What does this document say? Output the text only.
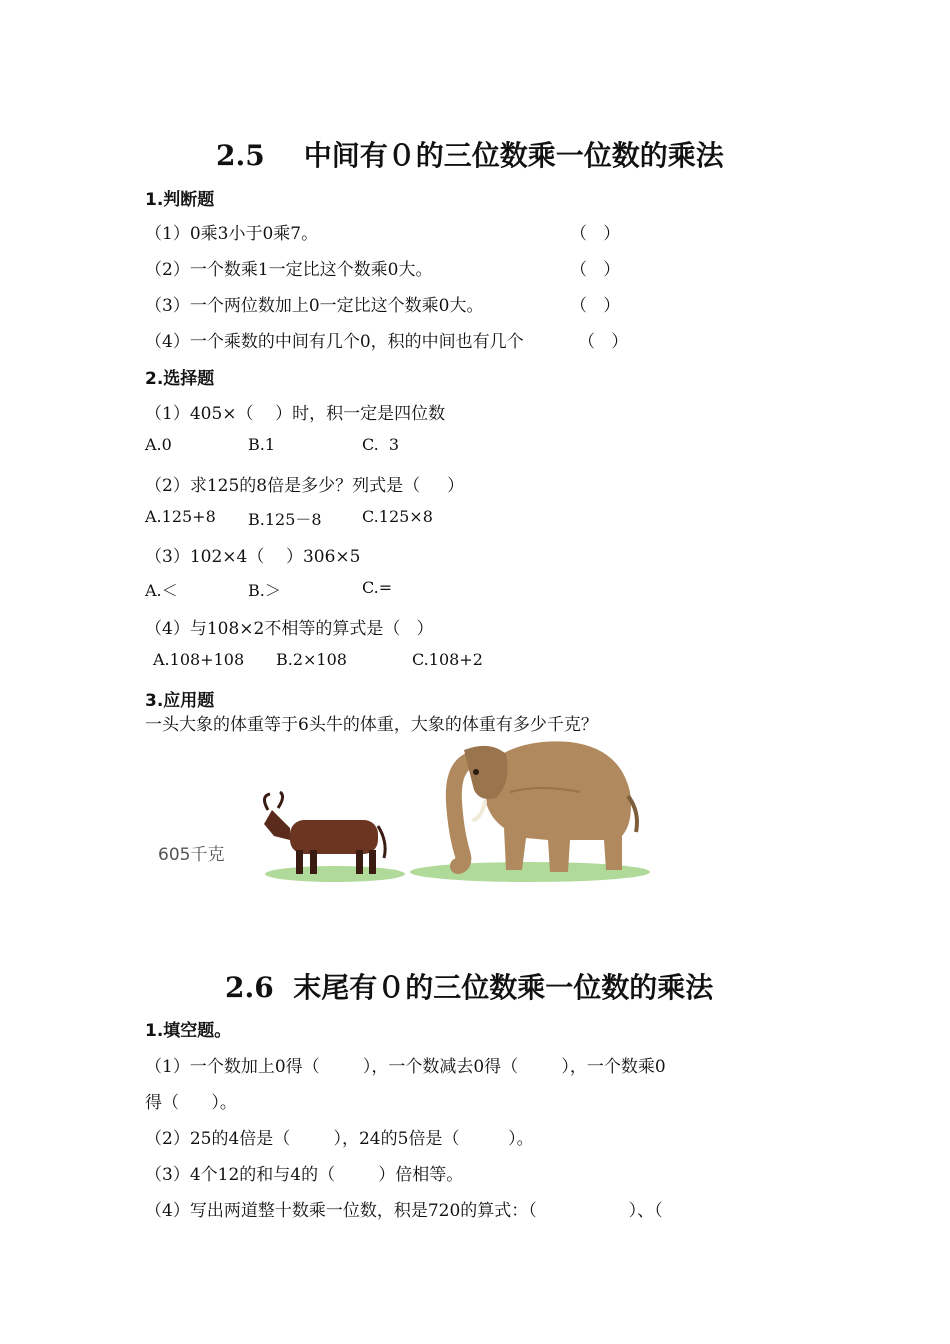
2.5    中间有０的三位数乘一位数的乘法
1.判断题
（1）0乘3小于0乘7。	（   ）
（2）一个数乘1一定比这个数乘0大。	（   ）
（3）一个两位数加上0一定比这个数乘0大。	（   ）
（4）一个乘数的中间有几个0，积的中间也有几个	（   ）
2.选择题
（1）405×（    ）时，积一定是四位数
A.0	B.1	C.  3
（2）求125的8倍是多少？列式是（     ）
A.125+8 B.125－8	C.125×8
（3）102×4（    ）306×5
A.＜	B.＞	C.=
（4）与108×2不相等的算式是（   ）
A.108+108 B.2×108	C.108+2
3.应用题
一头大象的体重等于6头牛的体重，大象的体重有多少千克？
605千克
2.6  末尾有０的三位数乘一位数的乘法
1.填空题。
（1）一个数加上0得（        ），一个数减去0得（        ），一个数乘0
得（      ）。
（2）25的4倍是（        ），24的5倍是（         ）。
（3）4个12的和与4的（        ）倍相等。
（4）写出两道整十数乘一位数，积是720的算式：（                 ）、（
